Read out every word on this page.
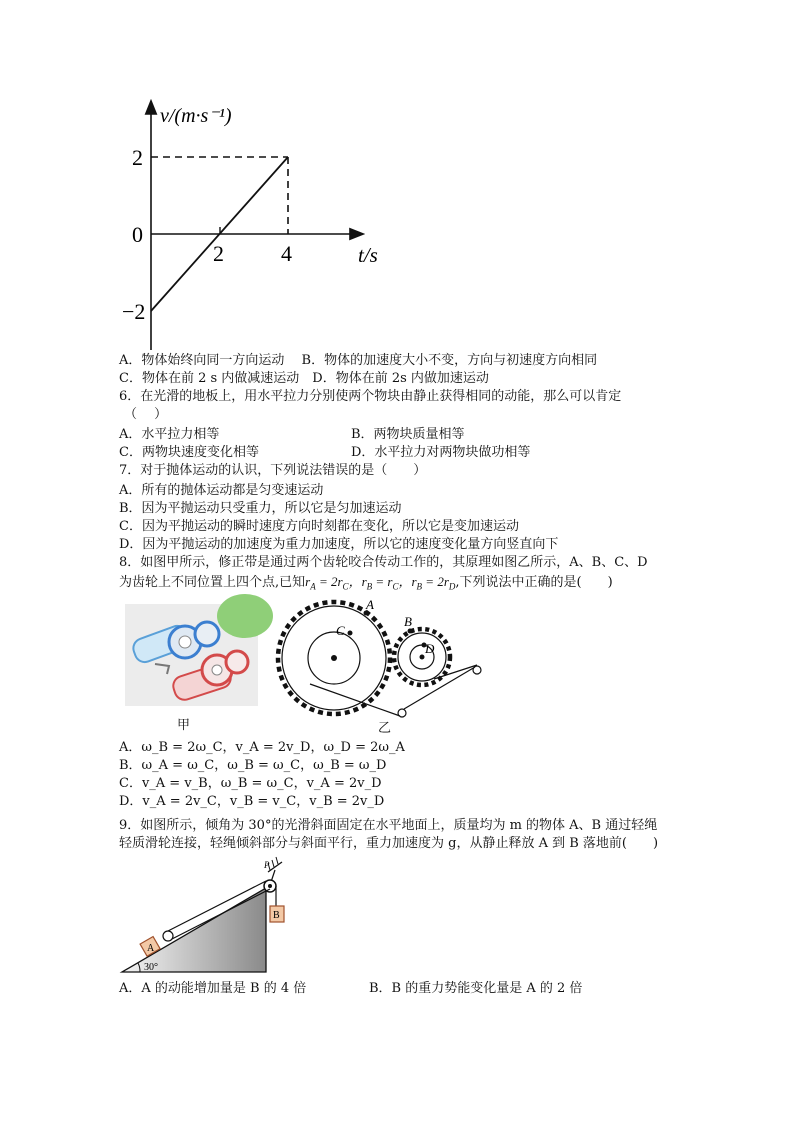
v/(m·s⁻¹)
2
0
−2
2	4	t/s
A．物体始终向同一方向运动　 B．物体的加速度大小不变，方向与初速度方向相同
C．物体在前 2 s 内做减速运动　D．物体在前 2s 内做加速运动
6．在光滑的地板上，用水平拉力分别使两个物块由静止获得相同的动能，那么可以肯定
（　 ）
A．水平拉力相等	B．两物块质量相等
C．两物块速度变化相等	D．水平拉力对两物块做功相等
7．对于抛体运动的认识，下列说法错误的是（　　）
A．所有的抛体运动都是匀变速运动
B．因为平抛运动只受重力，所以它是匀加速运动
C．因为平抛运动的瞬时速度方向时刻都在变化，所以它是变加速运动
D．因为平抛运动的加速度为重力加速度，所以它的速度变化量方向竖直向下
8．如图甲所示，修正带是通过两个齿轮咬合传动工作的，其原理如图乙所示，A、B、C、D
为齿轮上不同位置上四个点,已知$r_A = 2r_C$，$r_B = r_C$，$r_B = 2r_D$,下列说法中正确的是(　　)
甲
A
C
B
D
乙
A．ω_B = 2ω_C，v_A = 2v_D，ω_D = 2ω_A
B．ω_A = ω_C，ω_B = ω_C，ω_B = ω_D
C．v_A = v_B，ω_B = ω_C，v_A = 2v_D
D．v_A = 2v_C，v_B = v_C，v_B = 2v_D
9．如图所示，倾角为 30°的光滑斜面固定在水平地面上，质量均为 m 的物体 A、B 通过轻绳
轻质滑轮连接，轻绳倾斜部分与斜面平行，重力加速度为 g，从静止释放 A 到 B 落地前(　　)
P
B
A
30°
A．A 的动能增加量是 B 的 4 倍	B．B 的重力势能变化量是 A 的 2 倍
